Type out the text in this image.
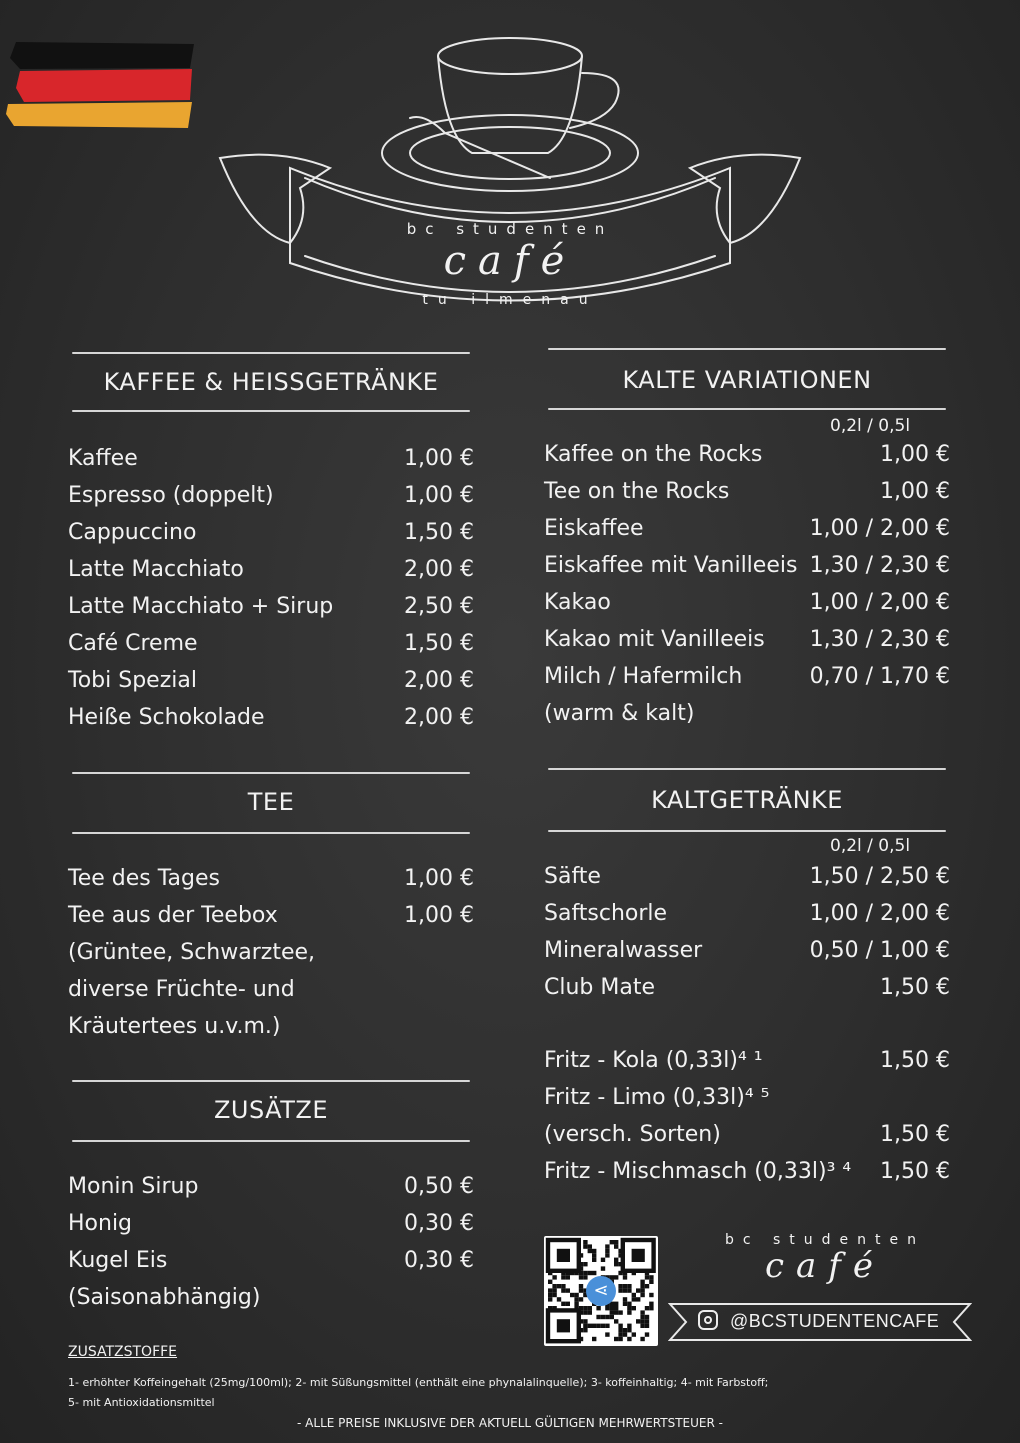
bc studenten
café
tu ilmenau
KAFFEE & HEISSGETRÄNKE
Kaffee	1,00 €
Espresso (doppelt)	1,00 €
Cappuccino	1,50 €
Latte Macchiato	2,00 €
Latte Macchiato + Sirup	2,50 €
Café Creme	1,50 €
Tobi Spezial	2,00 €
Heiße Schokolade	2,00 €
TEE
Tee des Tages	1,00 €
Tee aus der Teebox	1,00 €
(Grüntee, Schwarztee,
diverse Früchte- und
Kräutertees u.v.m.)
ZUSÄTZE
Monin Sirup	0,50 €
Honig	0,30 €
Kugel Eis	0,30 €
(Saisonabhängig)
KALTE VARIATIONEN
0,2l / 0,5l
Kaffee on the Rocks	1,00 €
Tee on the Rocks	1,00 €
Eiskaffee	1,00 / 2,00 €
Eiskaffee mit Vanilleeis 1,30 / 2,30 €
Kakao	1,00 / 2,00 €
Kakao mit Vanilleeis 1,30 / 2,30 €
Milch / Hafermilch	0,70 / 1,70 €
(warm & kalt)
KALTGETRÄNKE
0,2l / 0,5l
Säfte	1,50 / 2,50 €
Saftschorle	1,00 / 2,00 €
Mineralwasser	0,50 / 1,00 €
Club Mate	1,50 €
Fritz - Kola (0,33l)⁴ ¹	1,50 €
Fritz - Limo (0,33l)⁴ ⁵
(versch. Sorten)	1,50 €
Fritz - Mischmasch (0,33l)³ ⁴ 1,50 €
⋖
bc studenten
café
@BCSTUDENTENCAFE
ZUSATZSTOFFE
1- erhöhter Koffeingehalt (25mg/100ml); 2- mit Süßungsmittel (enthält eine phynalalinquelle); 3- koffeinhaltig; 4- mit Farbstoff;
5- mit Antioxidationsmittel
- ALLE PREISE INKLUSIVE DER AKTUELL GÜLTIGEN MEHRWERTSTEUER -
